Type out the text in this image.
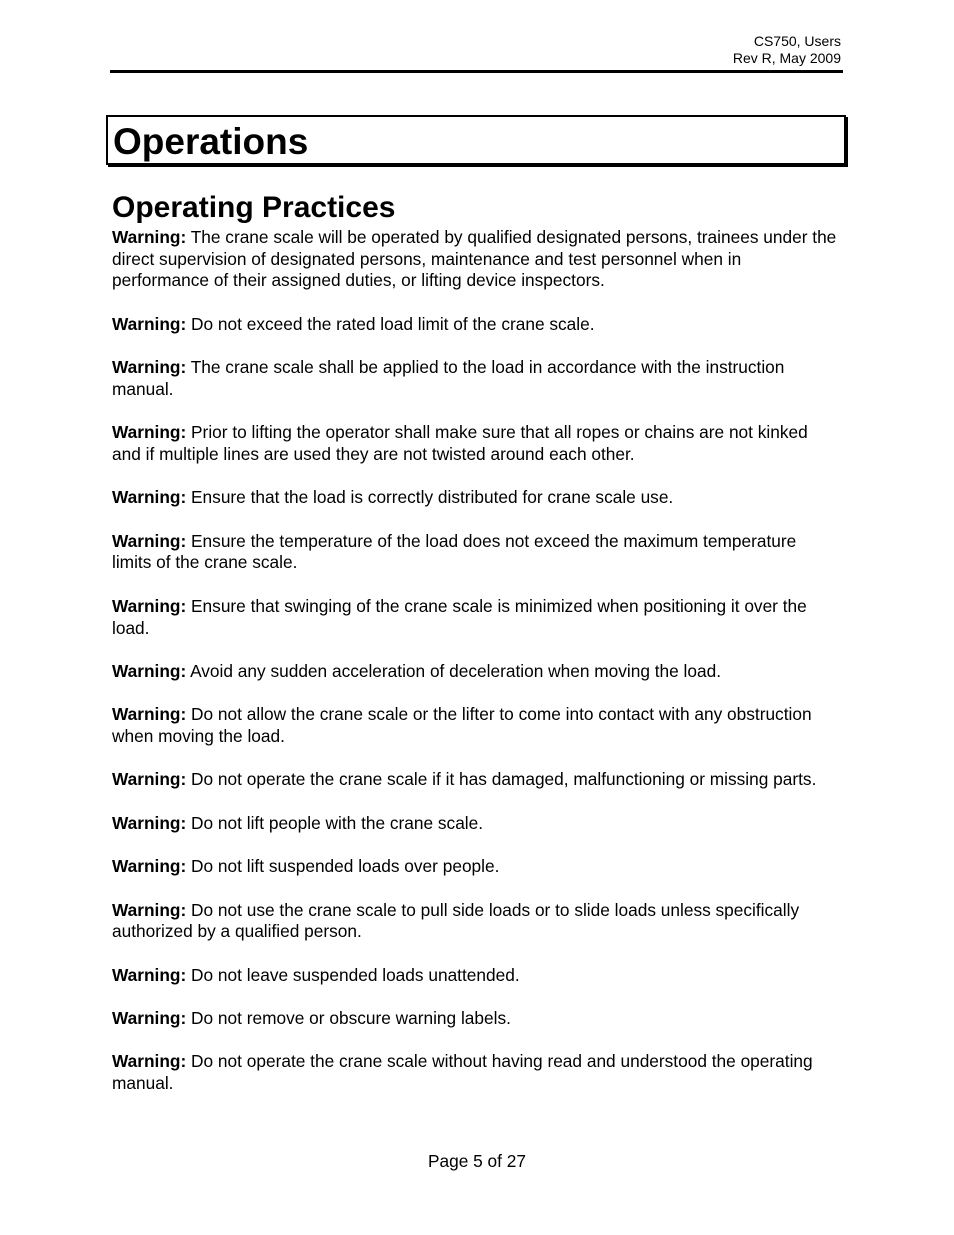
CS750, Users
Rev R, May 2009
Operations
Operating Practices

Warning: The crane scale will be operated by qualified designated persons, trainees under the direct supervision of designated persons, maintenance and test personnel when in performance of their assigned duties, or lifting device inspectors.

Warning: Do not exceed the rated load limit of the crane scale.

Warning: The crane scale shall be applied to the load in accordance with the instruction manual.

Warning: Prior to lifting the operator shall make sure that all ropes or chains are not kinked and if multiple lines are used they are not twisted around each other.

Warning: Ensure that the load is correctly distributed for crane scale use.

Warning: Ensure the temperature of the load does not exceed the maximum temperature limits of the crane scale.

Warning: Ensure that swinging of the crane scale is minimized when positioning it over the load.

Warning: Avoid any sudden acceleration of deceleration when moving the load.

Warning: Do not allow the crane scale or the lifter to come into contact with any obstruction when moving the load.

Warning: Do not operate the crane scale if it has damaged, malfunctioning or missing parts.

Warning: Do not lift people with the crane scale.

Warning: Do not lift suspended loads over people.

Warning: Do not use the crane scale to pull side loads or to slide loads unless specifically authorized by a qualified person.

Warning: Do not leave suspended loads unattended.

Warning: Do not remove or obscure warning labels.

Warning: Do not operate the crane scale without having read and understood the operating manual.

Page 5 of 27
